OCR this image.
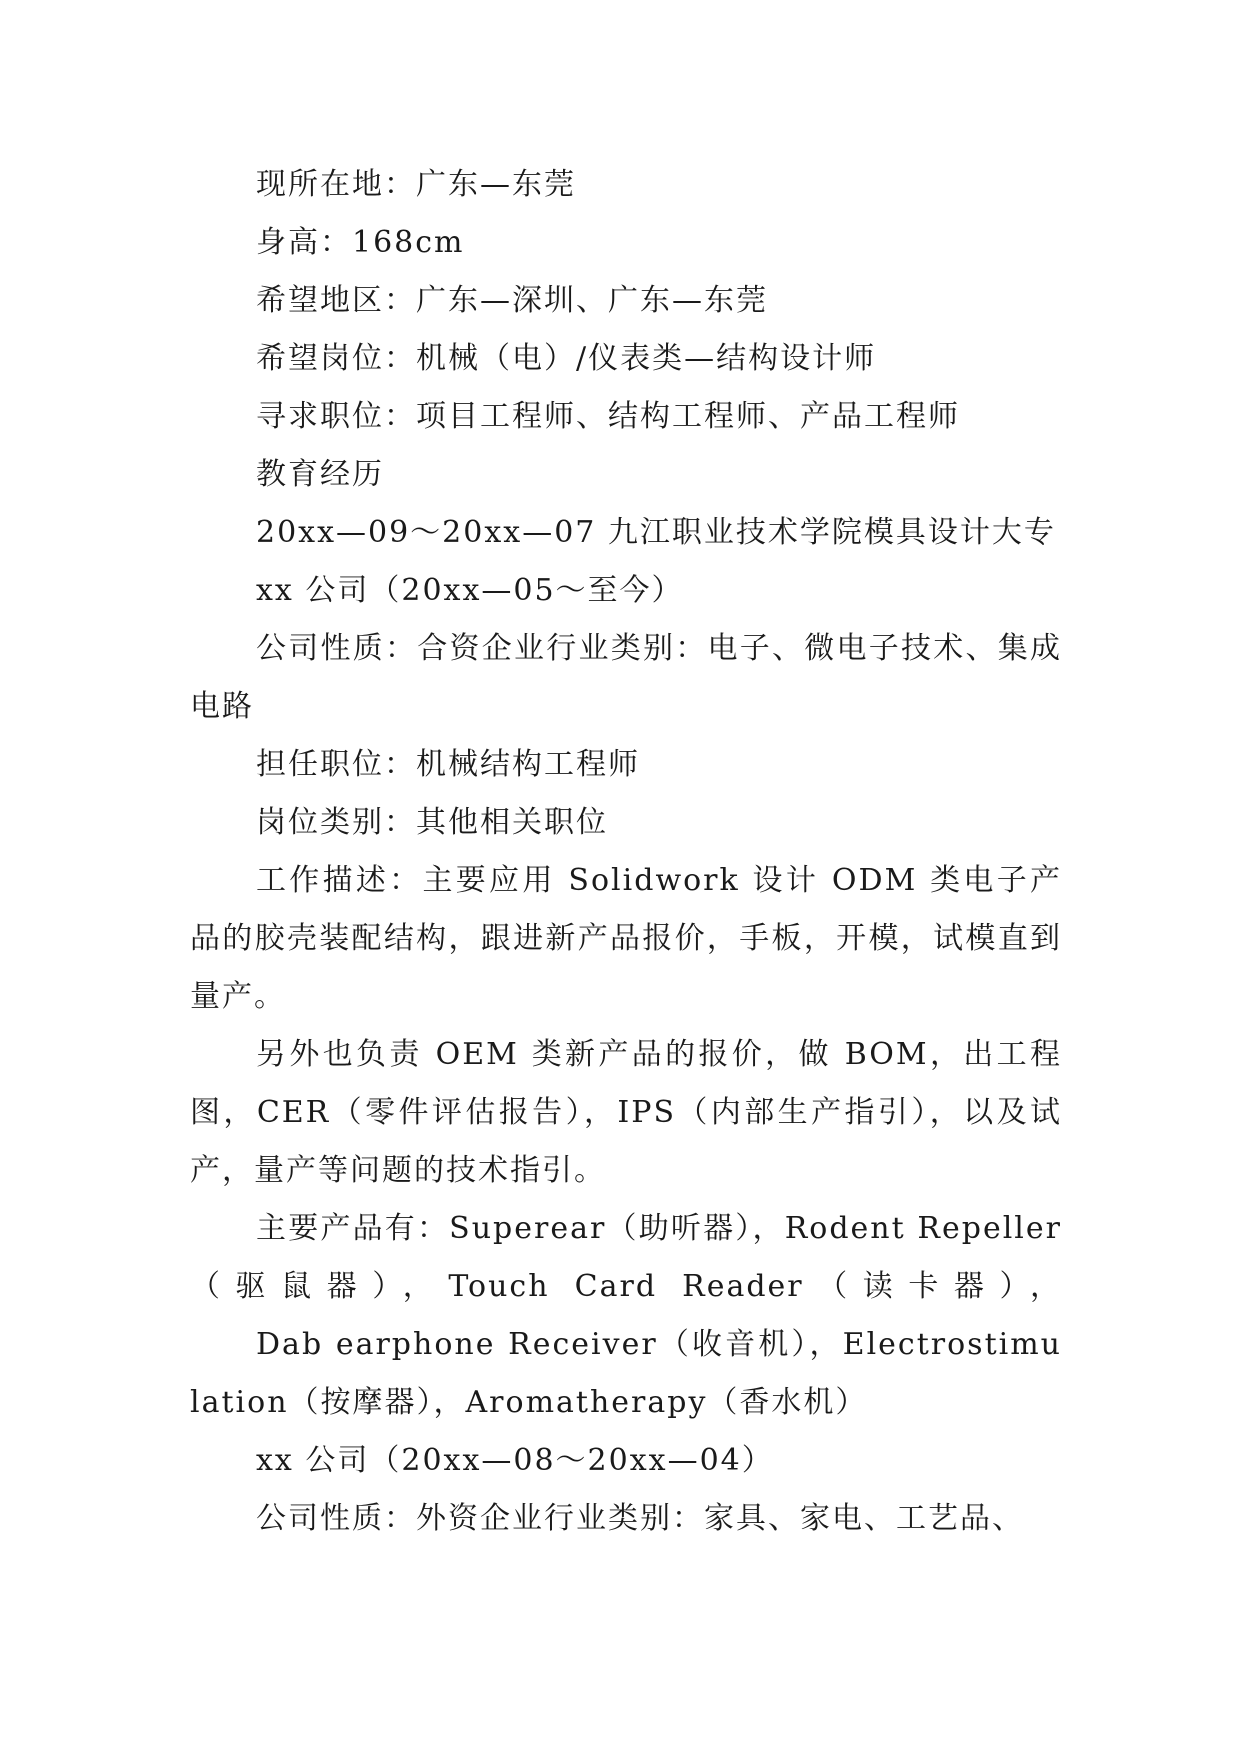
现所在地：广东—东莞

身高：168cm

希望地区：广东—深圳、广东—东莞

希望岗位：机械（电）/仪表类—结构设计师

寻求职位：项目工程师、结构工程师、产品工程师

教育经历

20xx—09～20xx—07 九江职业技术学院模具设计大专

xx 公司（20xx—05～至今）

公司性质：合资企业行业类别：电子、微电子技术、集成电路

担任职位：机械结构工程师

岗位类别：其他相关职位

工作描述：主要应用 Solidwork 设计 ODM 类电子产品的胶壳装配结构，跟进新产品报价，手板，开模，试模直到量产。

另外也负责 OEM 类新产品的报价，做 BOM，出工程图，CER（零件评估报告），IPS（内部生产指引），以及试产，量产等问题的技术指引。

主要产品有：Superear（助听器），Rodent Repeller（驱鼠器），Touch Card Reader（读卡器），

Dab earphone Receiver（收音机），Electrostimulation（按摩器），Aromatherapy（香水机）

xx 公司（20xx—08～20xx—04）

公司性质：外资企业行业类别：家具、家电、工艺品、
